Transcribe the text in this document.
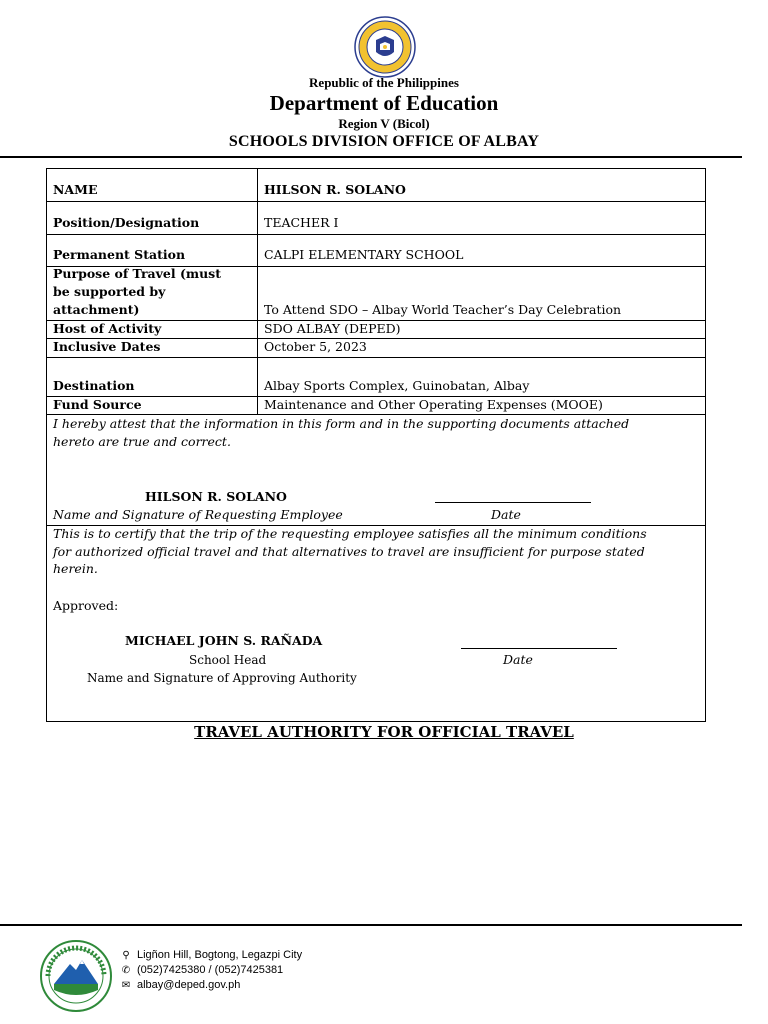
Republic of the Philippines
Department of Education
Region V (Bicol)
SCHOOLS DIVISION OFFICE OF ALBAY
NAME	HILSON R. SOLANO
Position/Designation	TEACHER I
Permanent Station	CALPI ELEMENTARY SCHOOL
Purpose of Travel (must
be supported by
attachment)	To Attend SDO – Albay World Teacher’s Day Celebration
Host of Activity	SDO ALBAY (DEPED)
Inclusive Dates	October 5, 2023
Destination	Albay Sports Complex, Guinobatan, Albay
Fund Source	Maintenance and Other Operating Expenses (MOOE)
I hereby attest that the information in this form and in the supporting documents attached
hereto are true and correct.
HILSON R. SOLANO
Name and Signature of Requesting Employee	Date
This is to certify that the trip of the requesting employee satisfies all the minimum conditions
for authorized official travel and that alternatives to travel are insufficient for purpose stated
herein.
Approved:
MICHAEL JOHN S. RAÑADA
School Head	Date
Name and Signature of Approving Authority
TRAVEL AUTHORITY FOR OFFICIAL TRAVEL
⚲ Ligñon Hill, Bogtong, Legazpi City
✆ (052)7425380 / (052)7425381
✉ albay@deped.gov.ph
